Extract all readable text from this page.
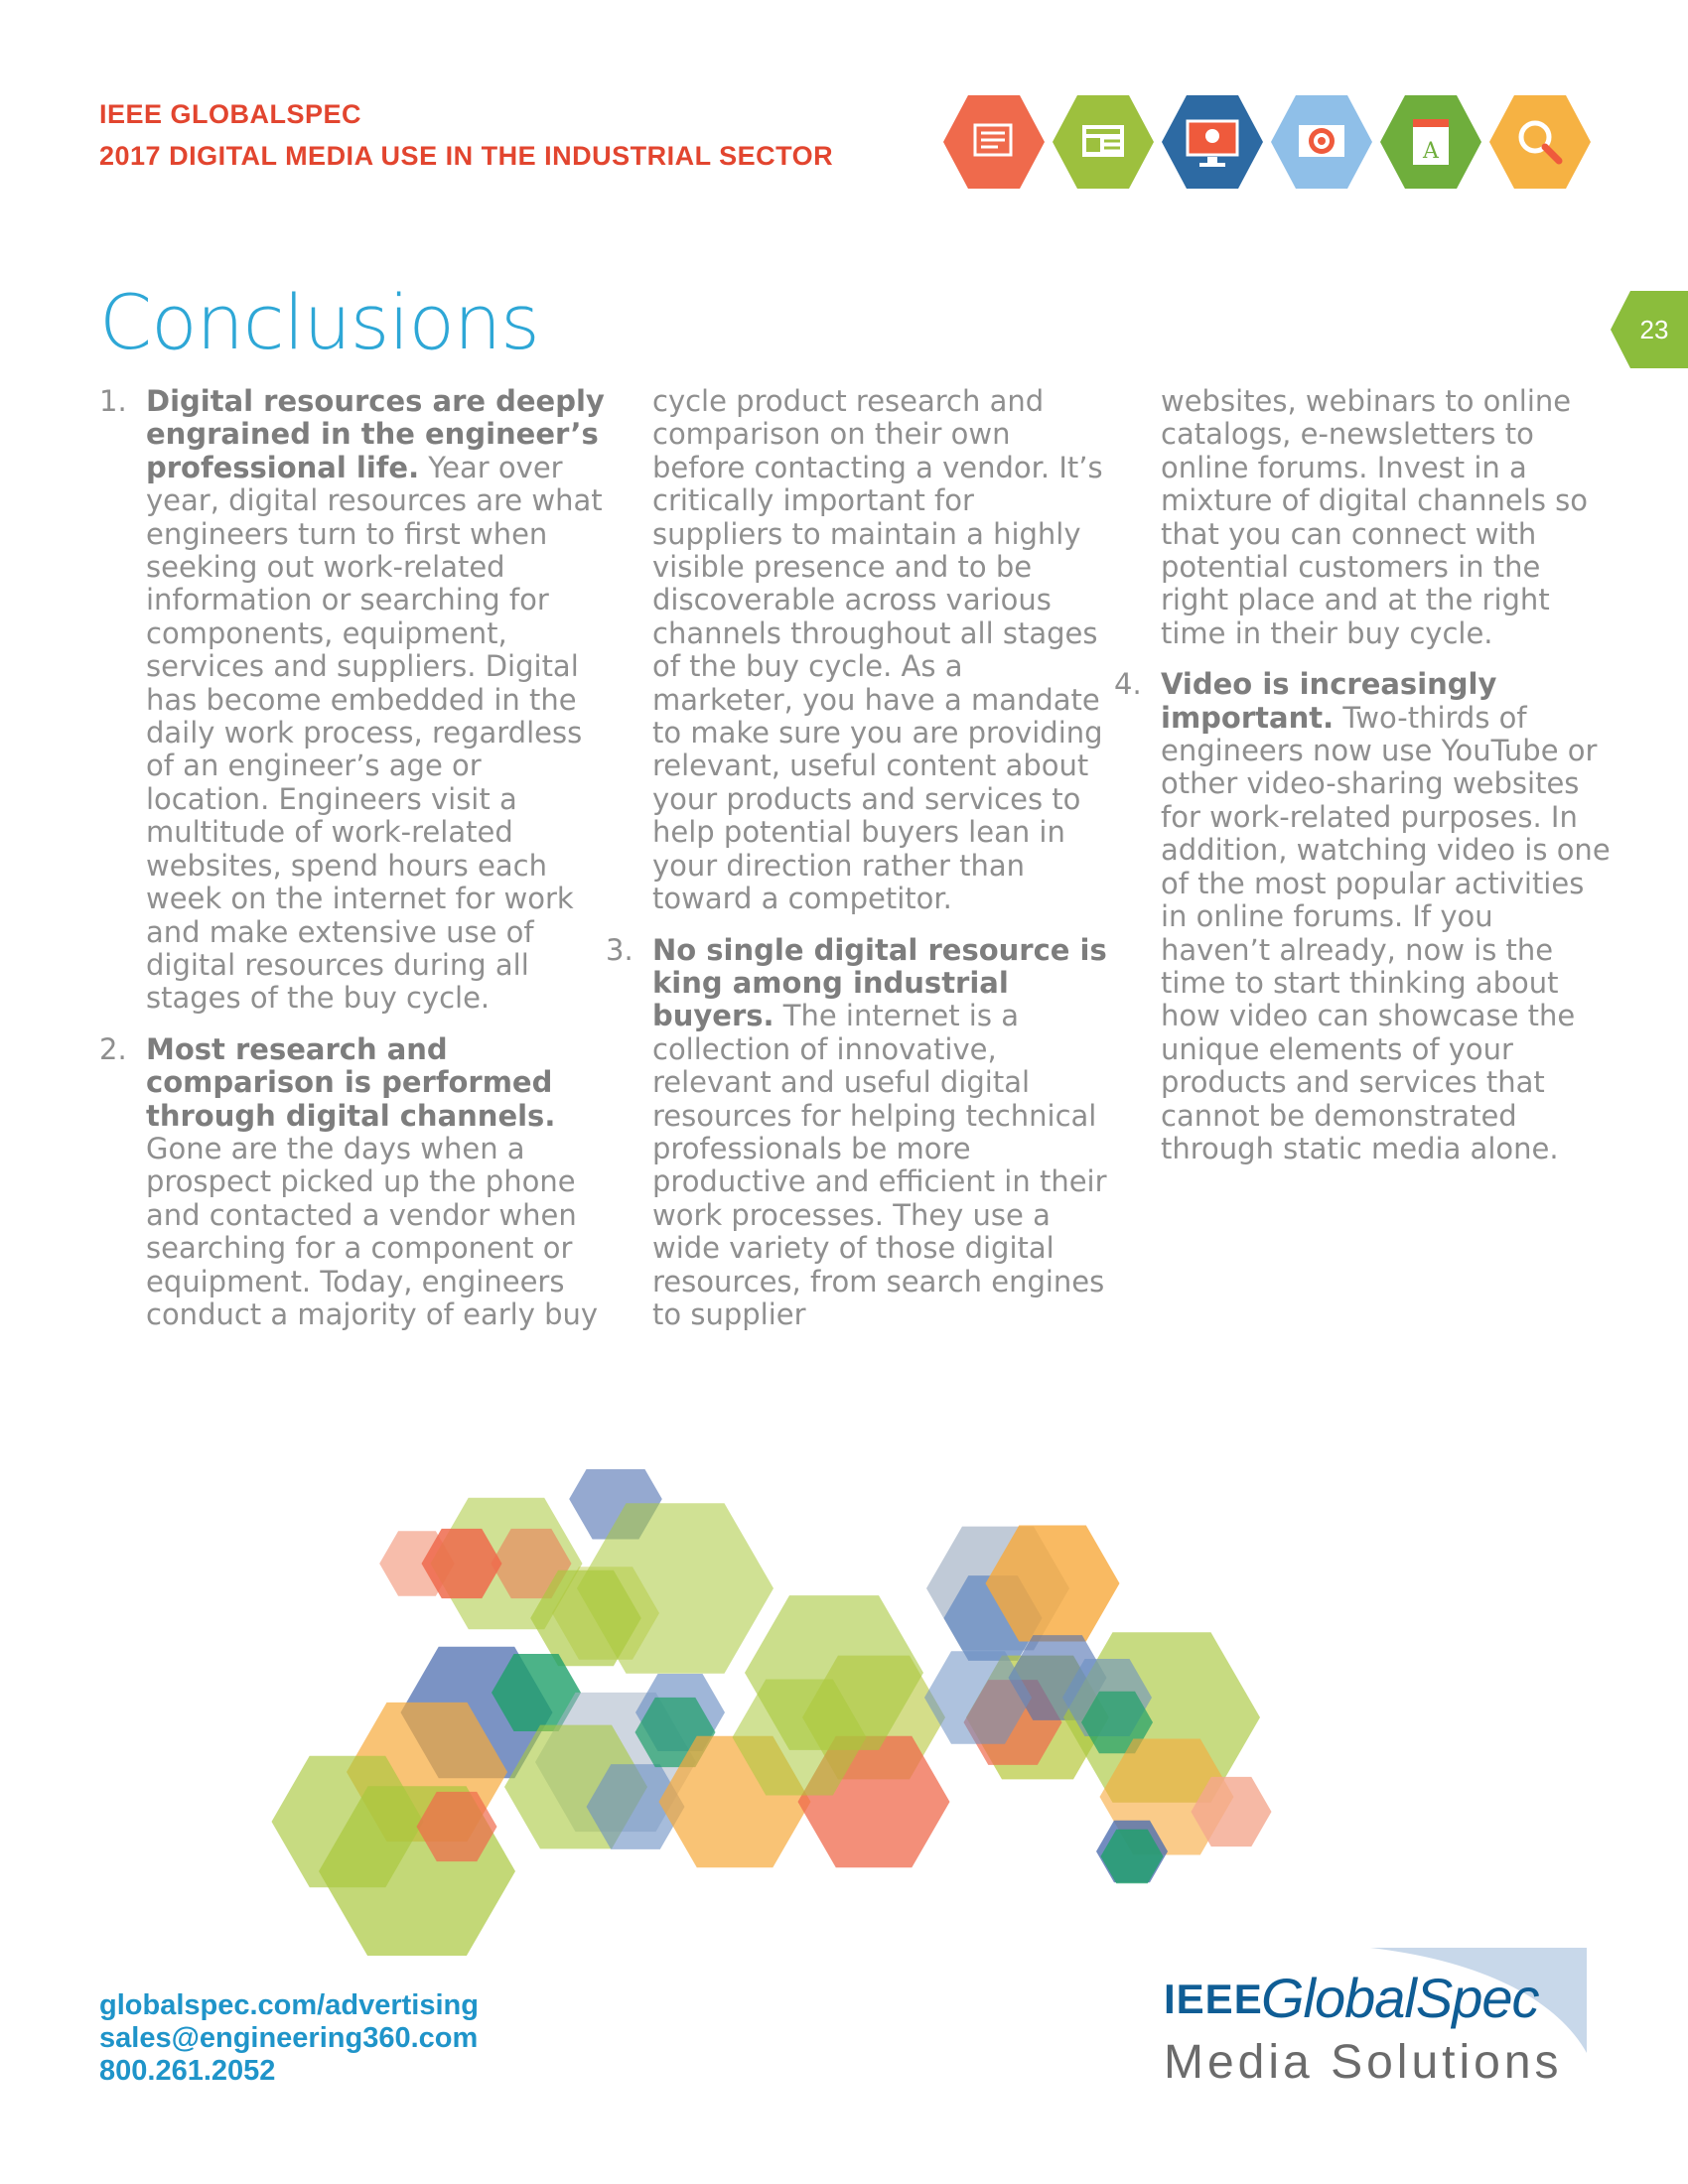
IEEE GLOBALSPEC
2017 DIGITAL MEDIA USE IN THE INDUSTRIAL SECTOR	A
23
Conclusions
1. Digital resources are deeply engrained in the engineer’s professional life. Year over year, digital resources are what engineers turn to first when seeking out work-related information or searching for components, equipment, services and suppliers. Digital has become embedded in the daily work process, regardless of an engineer’s age or location. Engineers visit a multitude of work-related websites, spend hours each week on the internet for work and make extensive use of digital resources during all stages of the buy cycle.
2. Most research and comparison is performed through digital channels. Gone are the days when a prospect picked up the phone and contacted a vendor when searching for a component or equipment. Today, engineers conduct a majority of early buy

cycle product research and comparison on their own before contacting a vendor. It’s critically important for suppliers to maintain a highly visible presence and to be discoverable across various channels throughout all stages of the buy cycle. As a marketer, you have a mandate to make sure you are providing relevant, useful content about your products and services to help potential buyers lean in your direction rather than toward a competitor.

3. No single digital resource is king among industrial buyers. The internet is a collection of innovative, relevant and useful digital resources for helping technical professionals be more productive and efficient in their work processes. They use a wide variety of those digital resources, from search engines to supplier

websites, webinars to online catalogs, e-newsletters to online forums. Invest in a mixture of digital channels so that you can connect with potential customers in the right place and at the right time in their buy cycle.

4. Video is increasingly important. Two-thirds of engineers now use YouTube or other video-sharing websites for work-related purposes. In addition, watching video is one of the most popular activities in online forums. If you haven’t already, now is the time to start thinking about how video can showcase the unique elements of your products and services that cannot be demonstrated through static media alone.
globalspec.com/advertising
sales@engineering360.com
800.261.2052
IEEE
GlobalSpec
Media Solutions
